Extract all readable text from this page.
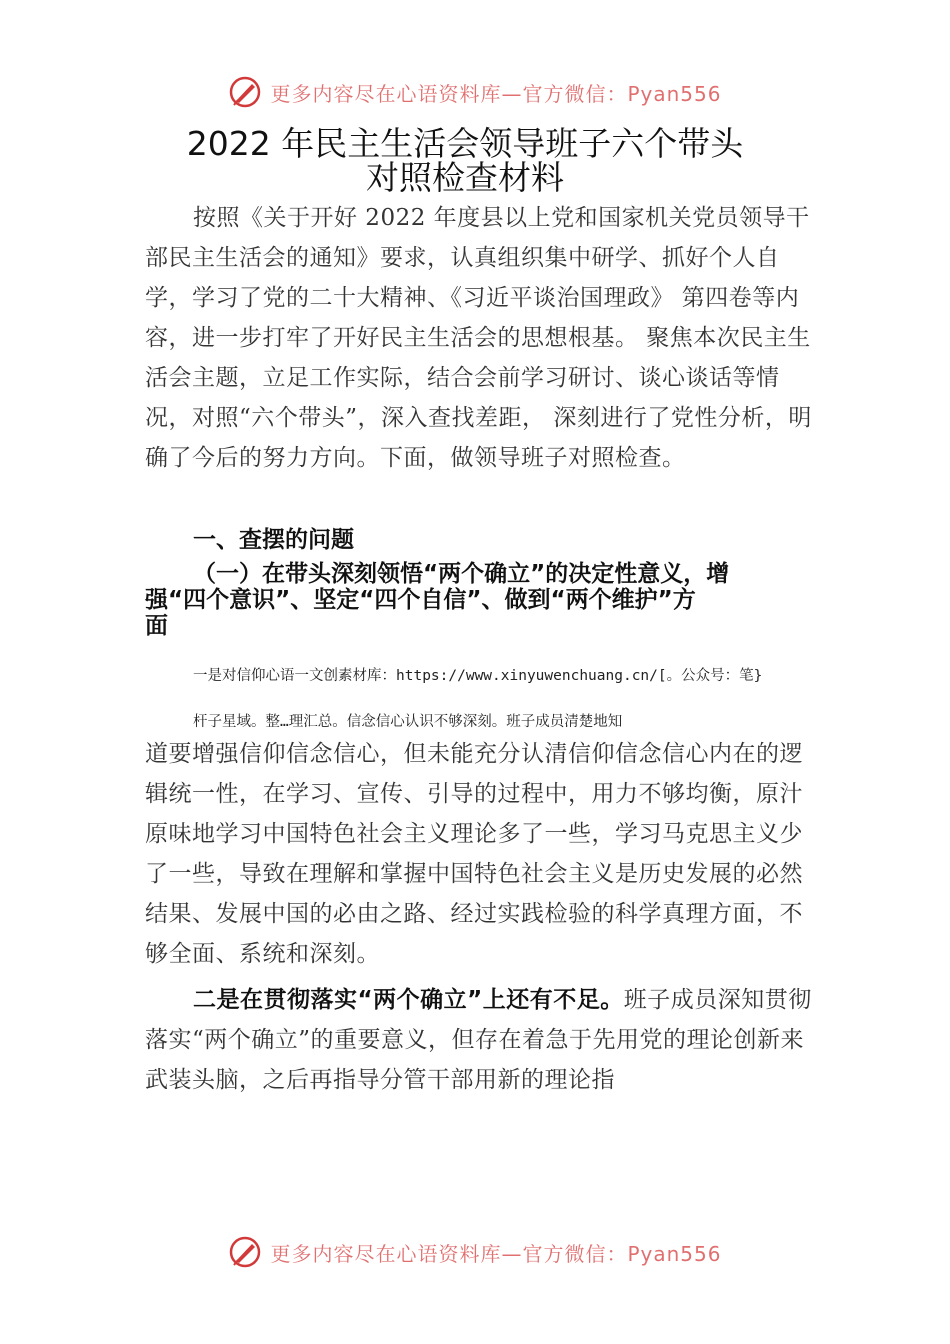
更多内容尽在心语资料库—官方微信：Pyan556
2022 年民主生活会领导班子六个带头
对照检查材料
按照《关于开好 2022 年度县以上党和国家机关党员领导干部民主生活会的通知》要求，认真组织集中研学、抓好个人自学，学习了党的二十大精神、《习近平谈治国理政》 第四卷等内容，进一步打牢了开好民主生活会的思想根基。 聚焦本次民主生活会主题，立足工作实际，结合会前学习研讨、谈心谈话等情况，对照“六个带头”，深入查找差距， 深刻进行了党性分析，明确了今后的努力方向。下面，做领导班子对照检查。
一、查摆的问题
（一）在带头深刻领悟“两个确立”的决定性意义，增
强“四个意识”、坚定“四个自信”、做到“两个维护”方
面
一是对信仰心语一文创素材库：https://www.xinyuwenchuang.cn/[。公众号：笔}
杆子星域。整…理汇总。信念信心认识不够深刻。班子成员清楚地知
道要增强信仰信念信心，但未能充分认清信仰信念信心内在的逻辑统一性，在学习、宣传、引导的过程中，用力不够均衡，原汁原味地学习中国特色社会主义理论多了一些，学习马克思主义少了一些，导致在理解和掌握中国特色社会主义是历史发展的必然结果、发展中国的必由之路、经过实践检验的科学真理方面，不够全面、系统和深刻。
二是在贯彻落实“两个确立”上还有不足。班子成员深知贯彻落实“两个确立”的重要意义，但存在着急于先用党的理论创新来武装头脑，之后再指导分管干部用新的理论指
更多内容尽在心语资料库—官方微信：Pyan556
